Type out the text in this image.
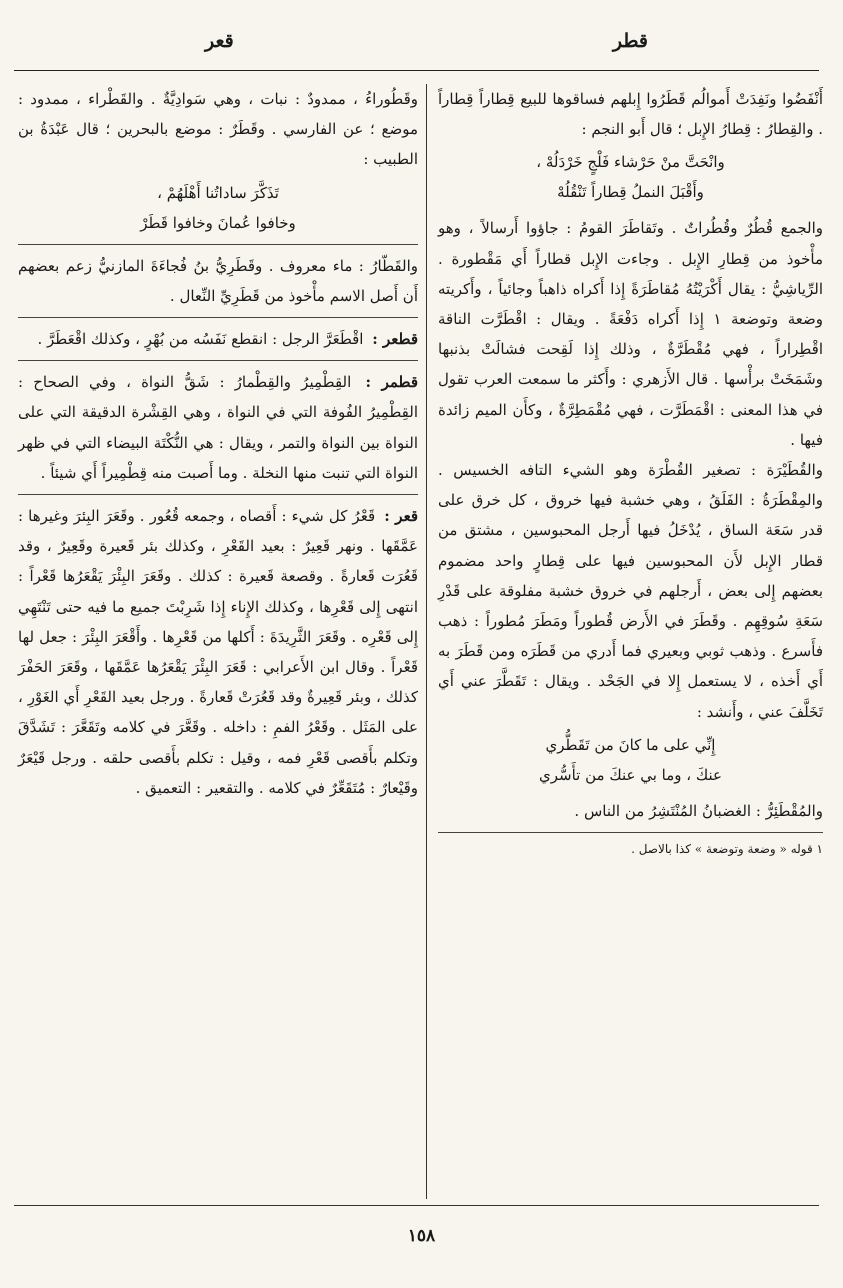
قطر
قعر

أَنْفَضُوا ونَفِدَتْ أَموالُم قَطَرُوا إِبلهم فساقوها للبيع قِطاراً قِطاراً . والقِطارُ : قِطارُ الإِبل ؛ قال أَبو النجم :

وانْحَتَّ منْ حَرْشاء فَلْجٍ خَرْدَلُهْ ،
وأَقْبَلَ النملُ قِطاراً تَنْقُلُهْ

والجمع قُطُرٌ وقُطُراتٌ . وتَقاطَرَ القومُ : جاؤوا أَرسالاً ، وهو مأْخوذ من قِطارِ الإِبل . وجاءت الإِبل قطاراً أَي مَقْطورة . الرِّياشِيُّ : يقال أَكْرَيْتُهُ مُقاطَرَةً إِذا أَكراه ذاهباً وجائياً ، وأَكريته وضعة وتوضعة ۱ إِذا أَكراه دَفْعَةً . ويقال : اقْطَرَّت الناقة اقْطِراراً ، فهي مُقْطَرَّةٌ ، وذلك إِذا لَقِحت فشالَتْ بذنبها وشَمَخَتْ برأْسها . قال الأَزهري : وأَكثر ما سمعت العرب تقول في هذا المعنى : اقْمَطَرَّت ، فهي مُقْمَطِرَّةٌ ، وكأَن الميم زائدة فيها .

والقُطَيْرَة : تصغير القُطْرَة وهو الشيء التافه الخسيس . والمِقْطَرَةُ : الفَلَقُ ، وهي خشبة فيها خروق ، كل خرق على قدر سَعَة الساق ، يُدْخَلُ فيها أَرجل المحبوسين ، مشتق من قطار الإِبل لأَن المحبوسين فيها على قِطارٍ واحد مضموم بعضهم إِلى بعض ، أَرجلهم في خروق خشبة مفلوقة على قَدْرِ سَعَةِ سُوقِهِم . وقَطَرَ في الأَرض قُطوراً ومَطَرَ مُطوراً : ذهب فأَسرع . وذهب ثوبي وبعيري فما أَدري من قَطَرَه ومن قَطَرَ به أَي أَخذه ، لا يستعمل إِلا في الجَحْد . ويقال : تَقَطَّرَ عني أَي تَخَلَّفَ عني ، وأَنشد :

إِنِّي على ما كانَ من تَقَطُّري
عنكَ ، وما بي عنكَ من تأَسُّري

والمُقْطَئِرُّ : الغضبانُ المُنْتَشِرُ من الناس .

۱ قوله « وضعة وتوضعة » كذا بالاصل .

وقَطُوراءُ ، ممدودٌ : نبات ، وهي سَوادِيَّةٌ . والقَطْراء ، ممدود : موضع ؛ عن الفارسي . وقَطَرٌ : موضع بالبحرين ؛ قال عَبْدَةُ بن الطبيب :

تَذَكَّرَ ساداتُنا أَهْلَهُمْ ،
وخافوا عُمانَ وخافوا قَطَرْ

والقَطّارُ : ماء معروف . وقَطَرِيُّ بنُ فُجاءَةَ المازنيُّ زعم بعضهم أَن أَصل الاسم مأْخوذ من قَطَرِيِّ النِّعال .

قطعر : اقْطَعَرَّ الرجل : انقطع نَفَسُه من بُهْرٍ ، وكذلك اقْعَطَرَّ .

قطمر : القِطْمِيرُ والقِطْمارُ : شَقُّ النواة ، وفي الصحاح : القِطْمِيرُ الفُوفة التي في النواة ، وهي القِشْرة الدقيقة التي على النواة بين النواة والتمر ، ويقال : هي النُّكْتَة البيضاء التي في ظهر النواة التي تنبت منها النخلة . وما أَصبت منه قِطْمِيراً أَي شيئاً .

قعر : قَعْرُ كل شيء : أَقصاه ، وجمعه قُعُور . وقَعَرَ البِئرَ وغيرها : عَمَّقَها . ونهر قَعِيرٌ : بعيد القَعْرِ ، وكذلك بئر قَعيرة وقَعِيرٌ ، وقد قَعُرَت قَعارةً . وقصعة قَعيرة : كذلك . وقَعَرَ البِئْرَ يَقْعَرُها قَعْراً : انتهى إِلى قَعْرِها ، وكذلك الإِناء إِذا شَرِبْتَ جميع ما فيه حتى تَنْتَهِي إِلى قَعْرِه . وقَعَرَ الثَّرِيدَةَ : أَكلها من قَعْرِها . وأَقْعَرَ البِئْرَ : جعل لها قَعْراً . وقال ابن الأَعرابي : قَعَرَ البِئْرَ يَقْعَرُها عَمَّقَها ، وقَعَرَ الحَفْرَ كذلك ، وبئر قَعِيرةٌ وقد قَعُرَتْ قَعارةً . ورجل بعيد القَعْرِ أَي الغَوْرِ ، على المَثَل . وقَعْرُ الفمِ : داخله . وقَعَّرَ في كلامه وتَقَعَّرَ : تَشَدَّقَ وتكلم بأَقصى قَعْرِ فمه ، وقيل : تكلم بأَقصى حلقه . ورجل قَيْعَرٌ وقَيْعارٌ : مُتَقَعِّرٌ في كلامه . والتقعير : التعميق .

١٥٨
